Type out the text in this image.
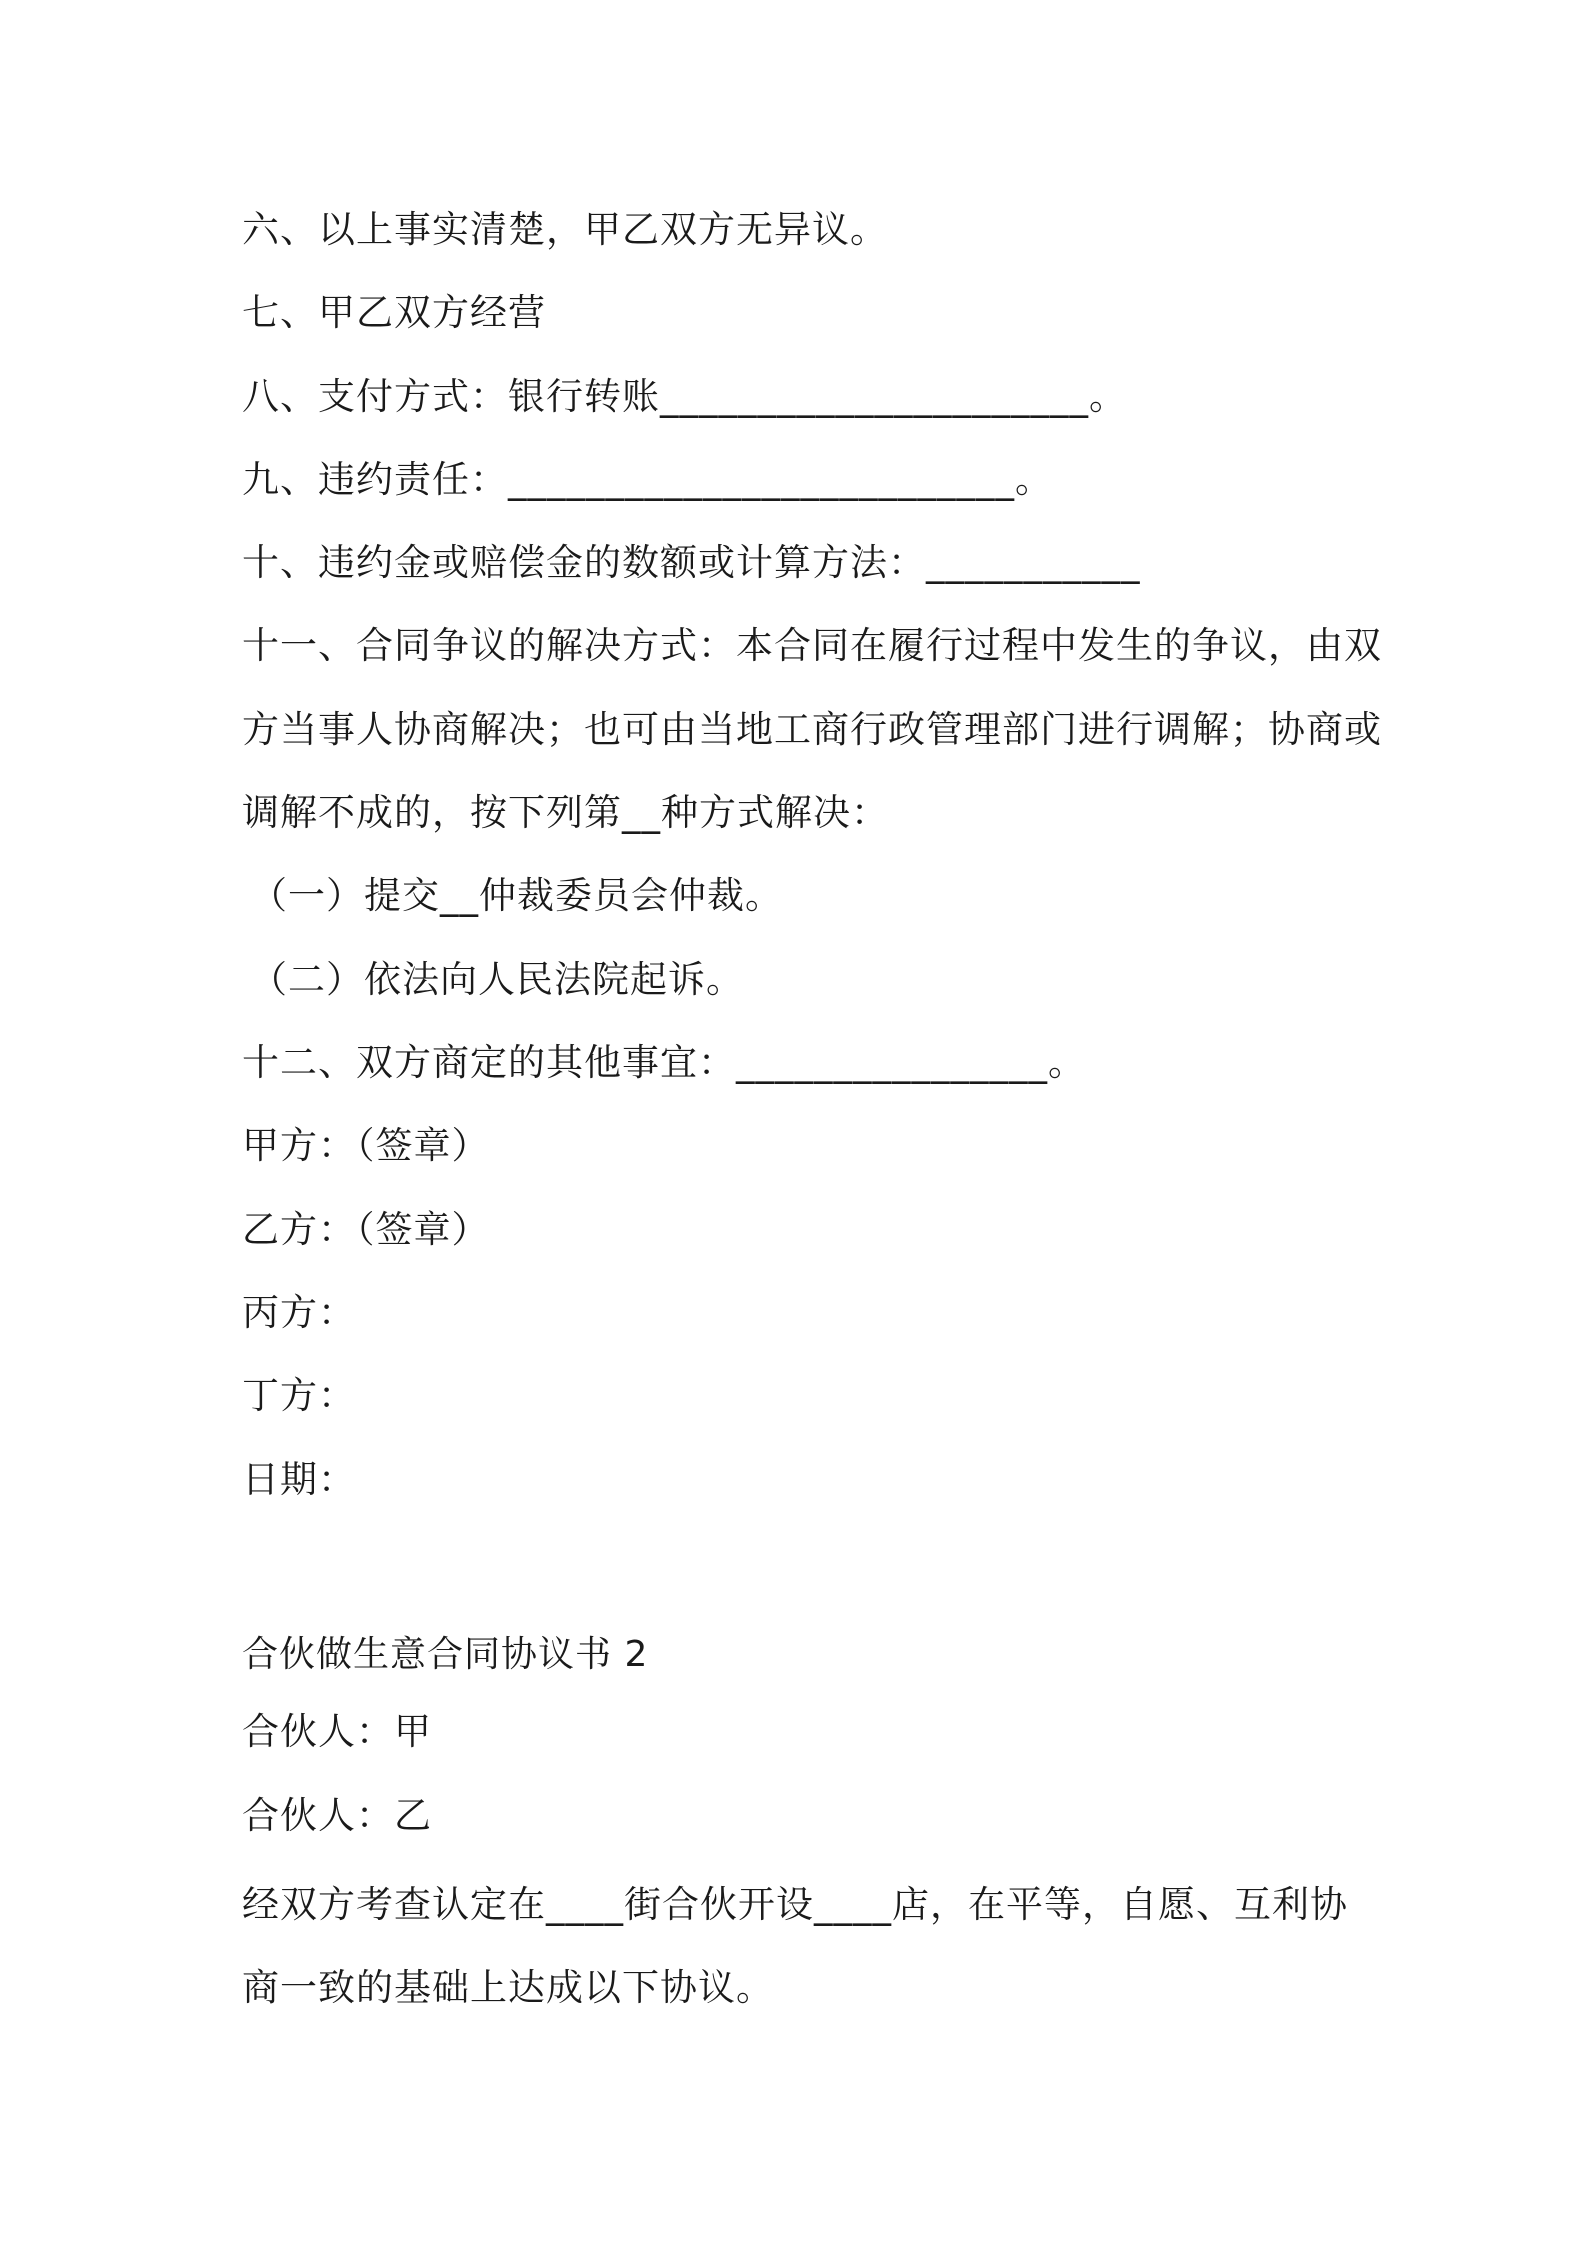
六、以上事实清楚，甲乙双方无异议。
七、甲乙双方经营
八、支付方式：银行转账______________________。
九、违约责任：__________________________。
十、违约金或赔偿金的数额或计算方法：___________
十一、合同争议的解决方式：本合同在履行过程中发生的争议，由双
方当事人协商解决；也可由当地工商行政管理部门进行调解；协商或
调解不成的，按下列第__种方式解决：
（一）提交__仲裁委员会仲裁。
（二）依法向人民法院起诉。
十二、双方商定的其他事宜：________________。
甲方：（签章）
乙方：（签章）
丙方：
丁方：
日期：
合伙做生意合同协议书 2
合伙人：甲
合伙人：乙
经双方考查认定在____街合伙开设____店，在平等，自愿、互利协
商一致的基础上达成以下协议。
